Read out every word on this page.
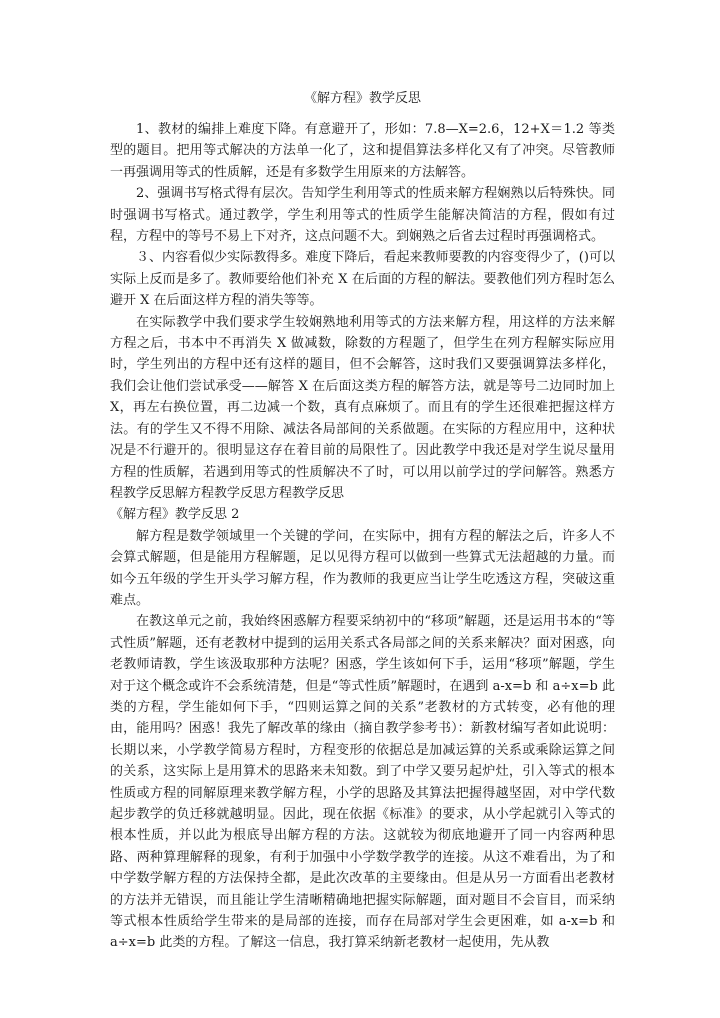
《解方程》教学反思

1、教材的编排上难度下降。有意避开了，形如：7.8—X=2.6，12+X＝1.2 等类型的题目。把用等式解决的方法单一化了，这和提倡算法多样化又有了冲突。尽管教师一再强调用等式的性质解，还是有多数学生用原来的方法解答。

2、强调书写格式得有层次。告知学生利用等式的性质来解方程娴熟以后特殊快。同时强调书写格式。通过教学，学生利用等式的性质学生能解决简洁的方程，假如有过程，方程中的等号不易上下对齐，这点问题不大。到娴熟之后省去过程时再强调格式。

３、内容看似少实际教得多。难度下降后，看起来教师要教的内容变得少了，()可以实际上反而是多了。教师要给他们补充 X 在后面的方程的解法。要教他们列方程时怎么避开 X 在后面这样方程的消失等等。

在实际教学中我们要求学生较娴熟地利用等式的方法来解方程，用这样的方法来解方程之后，书本中不再消失 X 做减数，除数的方程题了，但学生在列方程解实际应用时，学生列出的方程中还有这样的题目，但不会解答，这时我们又要强调算法多样化，我们会让他们尝试承受——解答 X 在后面这类方程的解答方法，就是等号二边同时加上 X，再左右换位置，再二边减一个数，真有点麻烦了。而且有的学生还很难把握这样方法。有的学生又不得不用除、减法各局部间的关系做题。在实际的方程应用中，这种状况是不行避开的。很明显这存在着目前的局限性了。因此教学中我还是对学生说尽量用方程的性质解，若遇到用等式的性质解决不了时，可以用以前学过的学问解答。熟悉方程教学反思解方程教学反思方程教学反思

《解方程》教学反思 2

解方程是数学领域里一个关键的学问，在实际中，拥有方程的解法之后，许多人不会算式解题，但是能用方程解题，足以见得方程可以做到一些算式无法超越的力量。而如今五年级的学生开头学习解方程，作为教师的我更应当让学生吃透这方程，突破这重难点。

在教这单元之前，我始终困惑解方程要采纳初中的“移项”解题，还是运用书本的“等式性质”解题，还有老教材中提到的运用关系式各局部之间的关系来解决？面对困惑，向老教师请教，学生该汲取那种方法呢？困惑，学生该如何下手，运用“移项”解题，学生对于这个概念或许不会系统清楚，但是“等式性质”解题时，在遇到 a-x=b 和 a÷x=b 此类的方程，学生能如何下手，“四则运算之间的关系”老教材的方式转变，必有他的理由，能用吗？困惑！我先了解改革的缘由（摘自教学参考书）：新教材编写者如此说明：长期以来，小学教学简易方程时，方程变形的依据总是加减运算的关系或乘除运算之间的关系，这实际上是用算术的思路来未知数。到了中学又要另起炉灶，引入等式的根本性质或方程的同解原理来教学解方程，小学的思路及其算法把握得越坚固，对中学代数起步教学的负迁移就越明显。因此，现在依据《标准》的要求，从小学起就引入等式的根本性质，并以此为根底导出解方程的方法。这就较为彻底地避开了同一内容两种思路、两种算理解释的现象，有利于加强中小学数学教学的连接。从这不难看出，为了和中学数学解方程的方法保持全都，是此次改革的主要缘由。但是从另一方面看出老教材的方法并无错误，而且能让学生清晰精确地把握实际解题，面对题目不会盲目，而采纳等式根本性质给学生带来的是局部的连接，而存在局部对学生会更困难，如 a-x=b 和 a÷x=b 此类的方程。了解这一信息，我打算采纳新老教材一起使用，先从教
